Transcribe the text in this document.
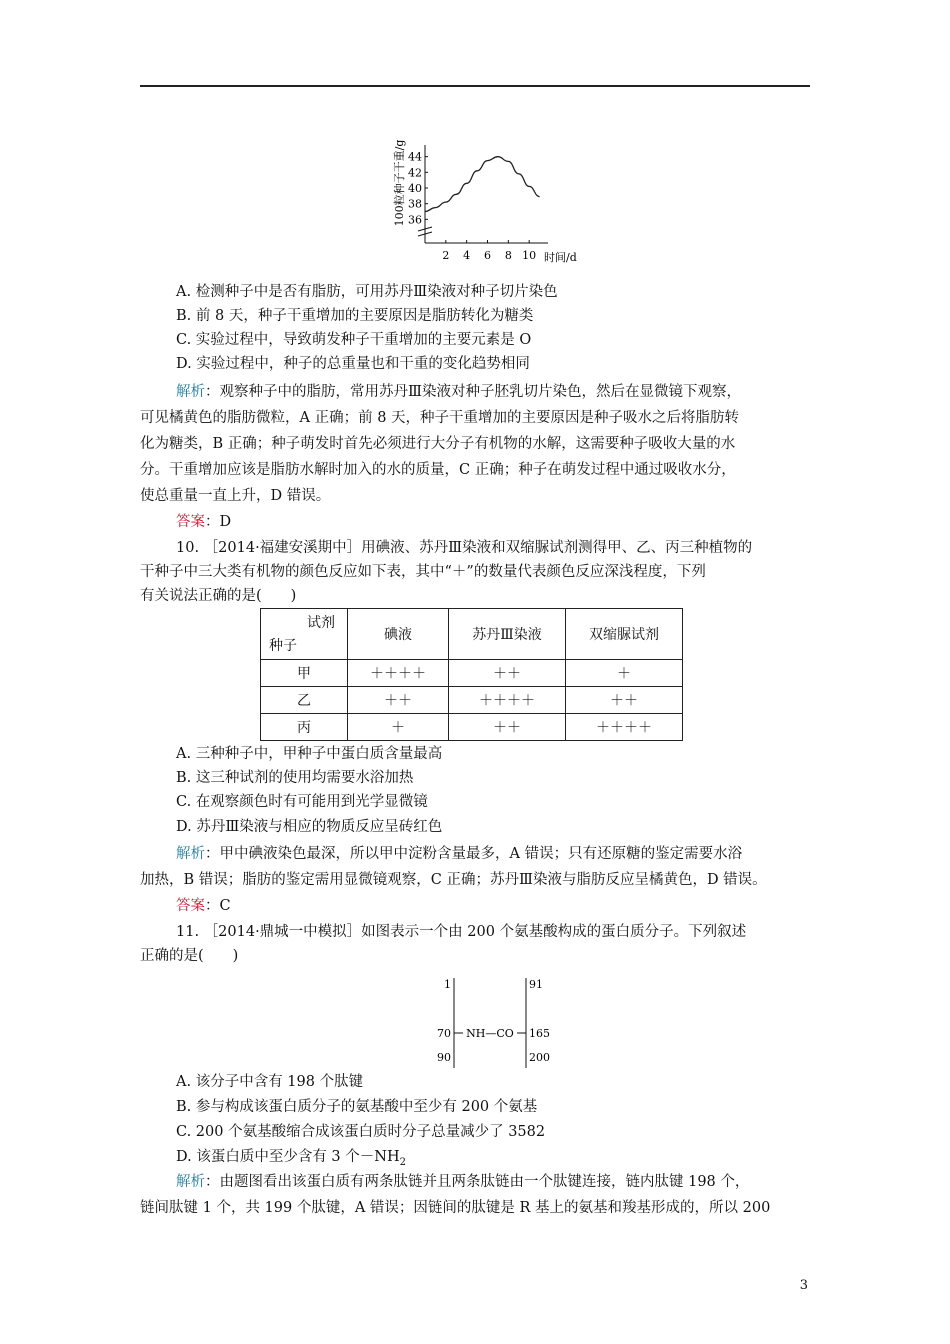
100粒种子干重/g
时间/d
36
38
40
42
44
2 4 6 8 10
A. 检测种子中是否有脂肪，可用苏丹Ⅲ染液对种子切片染色
B. 前 8 天，种子干重增加的主要原因是脂肪转化为糖类
C. 实验过程中，导致萌发种子干重增加的主要元素是 O
D. 实验过程中，种子的总重量也和干重的变化趋势相同
解析：观察种子中的脂肪，常用苏丹Ⅲ染液对种子胚乳切片染色，然后在显微镜下观察，
可见橘黄色的脂肪微粒，A 正确；前 8 天，种子干重增加的主要原因是种子吸水之后将脂肪转
化为糖类，B 正确；种子萌发时首先必须进行大分子有机物的水解，这需要种子吸收大量的水
分。干重增加应该是脂肪水解时加入的水的质量，C 正确；种子在萌发过程中通过吸收水分，
使总重量一直上升，D 错误。
答案：D
10. ［2014·福建安溪期中］用碘液、苏丹Ⅲ染液和双缩脲试剂测得甲、乙、丙三种植物的
干种子中三大类有机物的颜色反应如下表，其中“＋”的数量代表颜色反应深浅程度，下列
有关说法正确的是(　　)
试剂
种子	碘液	苏丹Ⅲ染液	双缩脲试剂
甲	＋＋＋＋	＋＋	＋
乙	＋＋	＋＋＋＋	＋＋
丙	＋	＋＋	＋＋＋＋
A. 三种种子中，甲种子中蛋白质含量最高
B. 这三种试剂的使用均需要水浴加热
C. 在观察颜色时有可能用到光学显微镜
D. 苏丹Ⅲ染液与相应的物质反应呈砖红色
解析：甲中碘液染色最深，所以甲中淀粉含量最多，A 错误；只有还原糖的鉴定需要水浴
加热，B 错误；脂肪的鉴定需用显微镜观察，C 正确；苏丹Ⅲ染液与脂肪反应呈橘黄色，D 错误。
答案：C
11. ［2014·鼎城一中模拟］如图表示一个由 200 个氨基酸构成的蛋白质分子。下列叙述
正确的是(　　)
1
70
90
91
165
200
NH—CO
A. 该分子中含有 198 个肽键
B. 参与构成该蛋白质分子的氨基酸中至少有 200 个氨基
C. 200 个氨基酸缩合成该蛋白质时分子总量减少了 3582
D. 该蛋白质中至少含有 3 个$-NH_2$
解析：由题图看出该蛋白质有两条肽链并且两条肽链由一个肽键连接，链内肽键 198 个，
链间肽键 1 个，共 199 个肽键，A 错误；因链间的肽键是 R 基上的氨基和羧基形成的，所以 200
3
